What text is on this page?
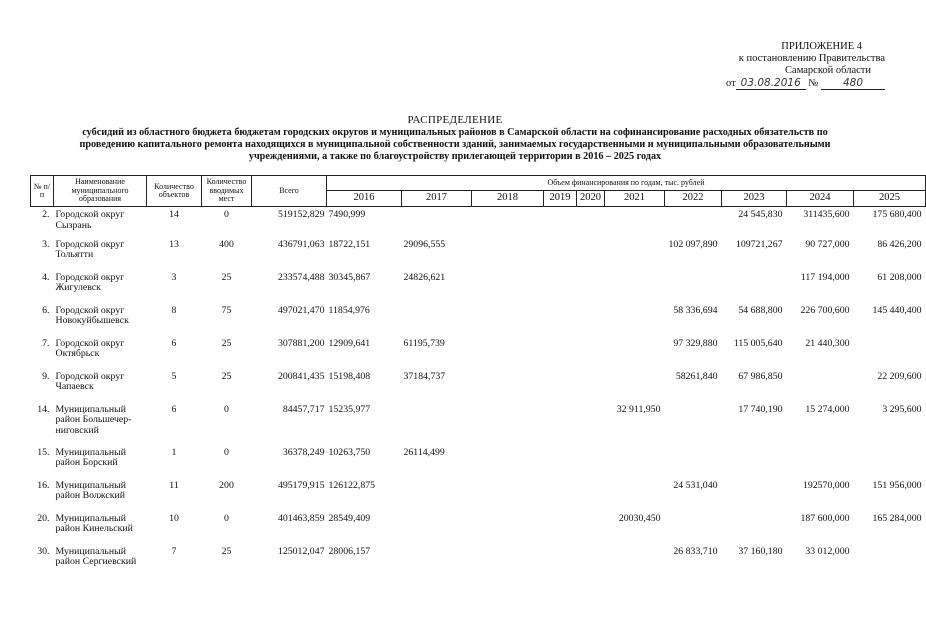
ПРИЛОЖЕНИЕ 4
к постановлению Правительства
Самарской области
от 03.08.2016 № 480
РАСПРЕДЕЛЕНИЕ
субсидий из областного бюджета бюджетам городских округов и муниципальных районов в Самарской области на софинансирование расходных обязательств по проведению капитального ремонта находящихся в муниципальной собственности зданий, занимаемых государственными и муниципальными образовательными учреждениями, а также по благоустройству прилегающей территории в 2016 – 2025 годах
№ п/п	Наименование муниципального образования	Количество объектов	Количество вводимых мест	Всего	Объем финансирования по годам, тыс. рублей									
					2016	2017	2018	2019	2020	2021	2022	2023	2024	2025
2.	Городской округ Сызрань	14	0	519152,829	7490,999							24 545,830	311435,600	175 680,400
3.	Городской округ Тольятти	13	400	436791,063	18722,151	29096,555					102 097,890	109721,267	90 727,000	86 426,200
4.	Городской округ Жигулевск	3	25	233574,488	30345,867	24826,621							117 194,000	61 208,000
6.	Городской округ Новокуйбышевск	8	75	497021,470	11854,976						58 336,694	54 688,800	226 700,600	145 440,400
7.	Городской округ Октябрьск	6	25	307881,200	12909,641	61195,739					97 329,880	115 005,640	21 440,300	
9.	Городской округ Чапаевск	5	25	200841,435	15198,408	37184,737					58261,840	67 986,850		22 209,600
14.	Муниципальный район Большечер-ниговский	6	0	84457,717	15235,977					32 911,950		17 740,190	15 274,000	3 295,600
15.	Муниципальный район Борский	1	0	36378,249	10263,750	26114,499								
16.	Муниципальный район Волжский	11	200	495179,915	126122,875						24 531,040		192570,000	151 956,000
20.	Муниципальный район Кинельский	10	0	401463,859	28549,409					20030,450			187 600,000	165 284,000
30.	Муниципальный район Сергиевский	7	25	125012,047	28006,157						26 833,710	37 160,180	33 012,000	
